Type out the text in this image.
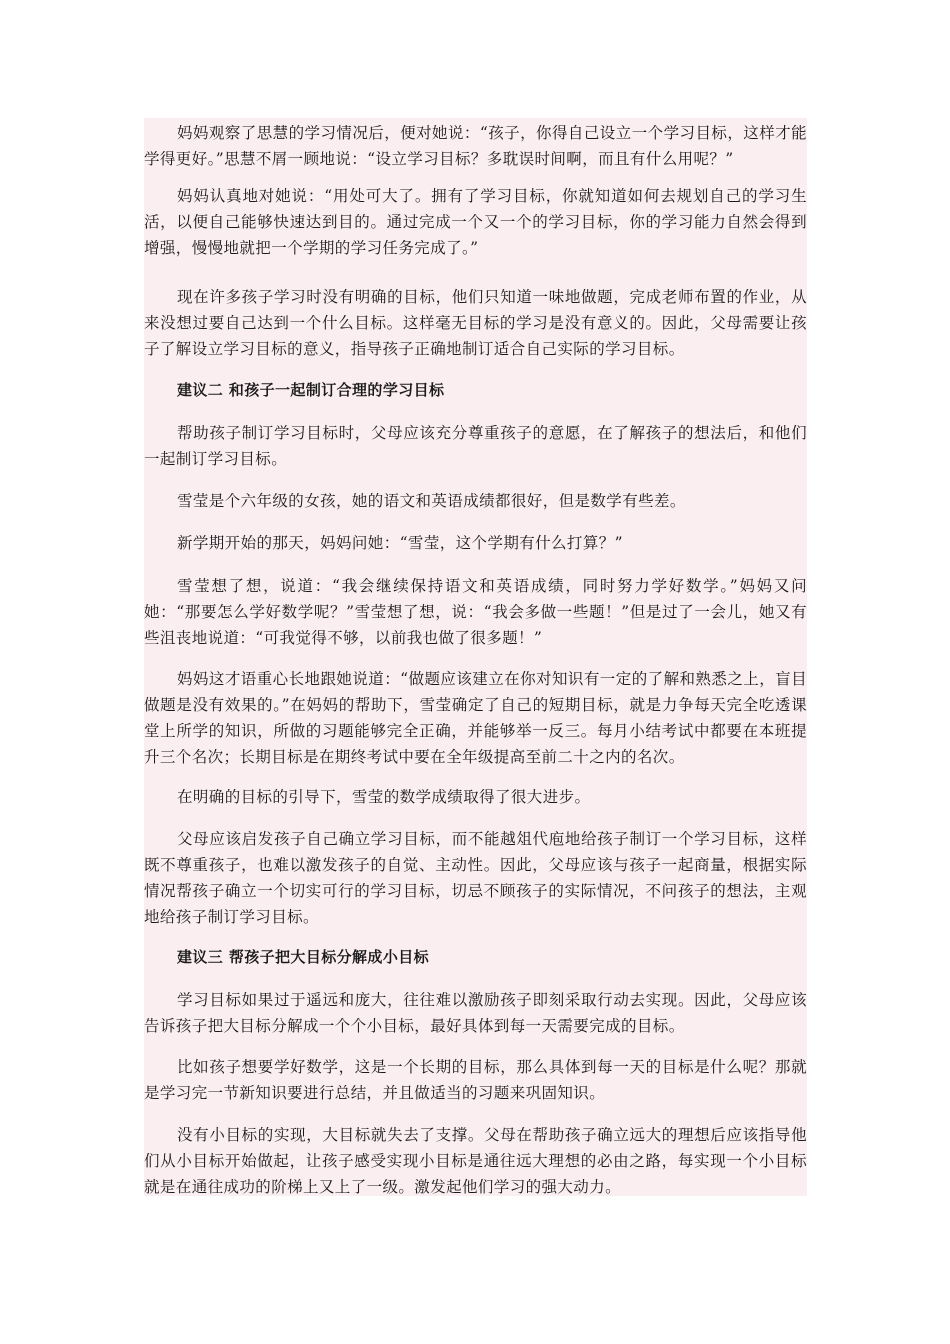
妈妈观察了思慧的学习情况后，便对她说：“孩子，你得自己设立一个学习目标，这样才能学得更好。”思慧不屑一顾地说：“设立学习目标？多耽误时间啊，而且有什么用呢？”

妈妈认真地对她说：“用处可大了。拥有了学习目标，你就知道如何去规划自己的学习生活，以便自己能够快速达到目的。通过完成一个又一个的学习目标，你的学习能力自然会得到增强，慢慢地就把一个学期的学习任务完成了。”

现在许多孩子学习时没有明确的目标，他们只知道一味地做题，完成老师布置的作业，从来没想过要自己达到一个什么目标。这样毫无目标的学习是没有意义的。因此，父母需要让孩子了解设立学习目标的意义，指导孩子正确地制订适合自己实际的学习目标。

建议二 和孩子一起制订合理的学习目标

帮助孩子制订学习目标时，父母应该充分尊重孩子的意愿，在了解孩子的想法后，和他们一起制订学习目标。

雪莹是个六年级的女孩，她的语文和英语成绩都很好，但是数学有些差。

新学期开始的那天，妈妈问她：“雪莹，这个学期有什么打算？”

雪莹想了想，说道：“我会继续保持语文和英语成绩，同时努力学好数学。”妈妈又问她：“那要怎么学好数学呢？”雪莹想了想，说：“我会多做一些题！”但是过了一会儿，她又有些沮丧地说道：“可我觉得不够，以前我也做了很多题！”

妈妈这才语重心长地跟她说道：“做题应该建立在你对知识有一定的了解和熟悉之上，盲目做题是没有效果的。”在妈妈的帮助下，雪莹确定了自己的短期目标，就是力争每天完全吃透课堂上所学的知识，所做的习题能够完全正确，并能够举一反三。每月小结考试中都要在本班提升三个名次；长期目标是在期终考试中要在全年级提高至前二十之内的名次。

在明确的目标的引导下，雪莹的数学成绩取得了很大进步。

父母应该启发孩子自己确立学习目标，而不能越俎代庖地给孩子制订一个学习目标，这样既不尊重孩子，也难以激发孩子的自觉、主动性。因此，父母应该与孩子一起商量，根据实际情况帮孩子确立一个切实可行的学习目标，切忌不顾孩子的实际情况，不问孩子的想法，主观地给孩子制订学习目标。

建议三 帮孩子把大目标分解成小目标

学习目标如果过于遥远和庞大，往往难以激励孩子即刻采取行动去实现。因此，父母应该告诉孩子把大目标分解成一个个小目标，最好具体到每一天需要完成的目标。

比如孩子想要学好数学，这是一个长期的目标，那么具体到每一天的目标是什么呢？那就是学习完一节新知识要进行总结，并且做适当的习题来巩固知识。

没有小目标的实现，大目标就失去了支撑。父母在帮助孩子确立远大的理想后应该指导他们从小目标开始做起，让孩子感受实现小目标是通往远大理想的必由之路，每实现一个小目标就是在通往成功的阶梯上又上了一级。激发起他们学习的强大动力。
